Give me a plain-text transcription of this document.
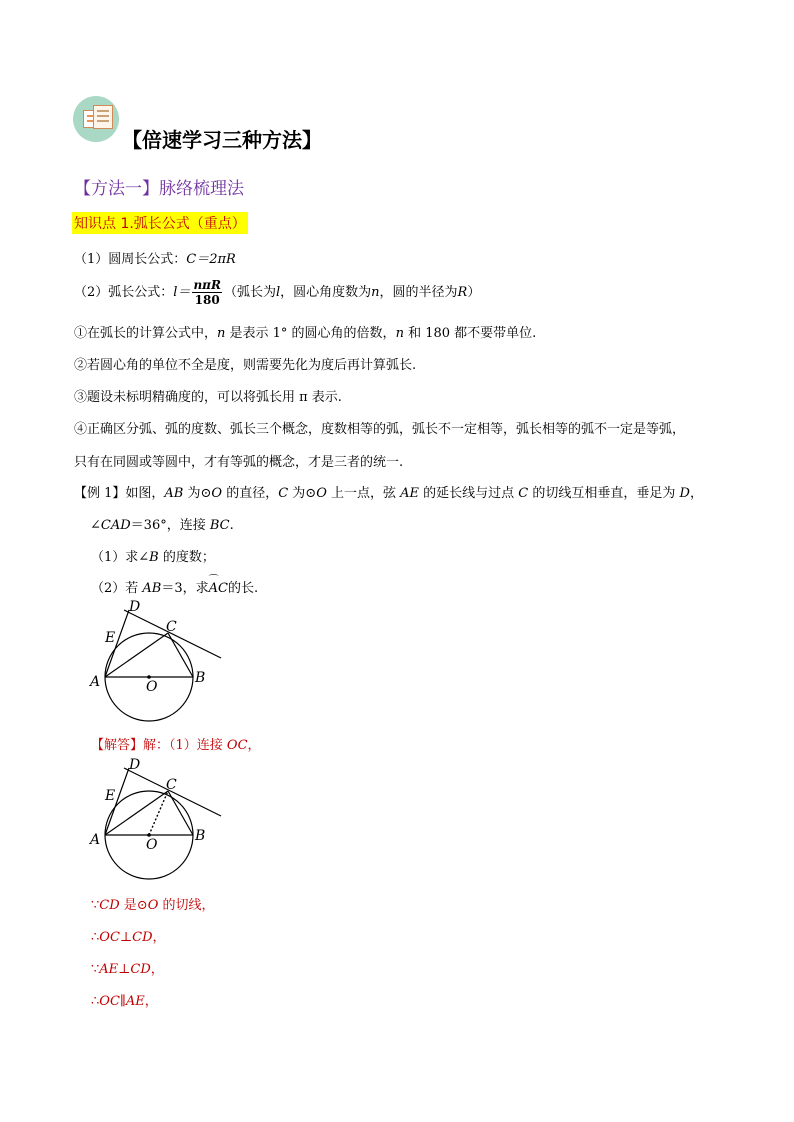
【倍速学习三种方法】
【方法一】脉络梳理法
知识点 1.弧长公式（重点）
（1）圆周长公式：C＝2πR
（2）弧长公式：$l= \frac{\text{nπR}}{180}$ （弧长为l，圆心角度数为n，圆的半径为R）
①在弧长的计算公式中，n 是表示 1° 的圆心角的倍数，n 和 180 都不要带单位.
②若圆心角的单位不全是度，则需要先化为度后再计算弧长.
③题设未标明精确度的，可以将弧长用 π 表示.
④正确区分弧、弧的度数、弧长三个概念，度数相等的弧，弧长不一定相等，弧长相等的弧不一定是等弧，
只有在同圆或等圆中，才有等弧的概念，才是三者的统一.
【例 1】如图，AB 为⊙O 的直径，C 为⊙O 上一点，弦 AE 的延长线与过点 C 的切线互相垂直，垂足为 D，
∠CAD＝36°，连接 BC.
（1）求∠B 的度数；
（2）若 AB＝3，求⌒ AC的长.
D
E
C
A	O
B
【解答】解：（1）连接 OC，
D
E
C
A	O
B
∵CD 是⊙O 的切线，
∴OC⊥CD，
∵AE⊥CD，
∴OC∥AE，
